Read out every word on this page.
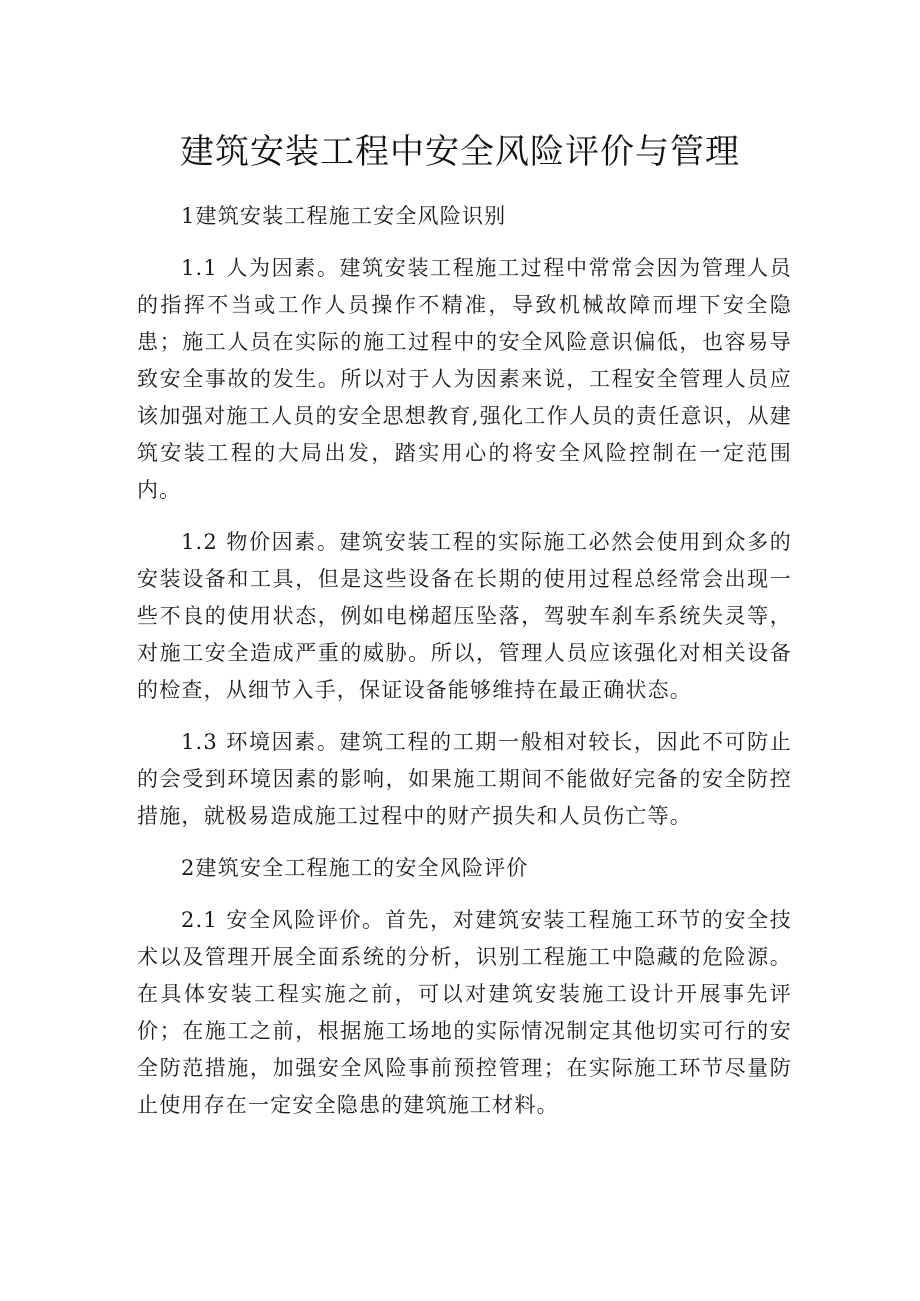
建筑安装工程中安全风险评价与管理

1建筑安装工程施工安全风险识别

1.1 人为因素。建筑安装工程施工过程中常常会因为管理人员的指挥不当或工作人员操作不精准，导致机械故障而埋下安全隐患；施工人员在实际的施工过程中的安全风险意识偏低，也容易导致安全事故的发生。所以对于人为因素来说，工程安全管理人员应该加强对施工人员的安全思想教育,强化工作人员的责任意识，从建筑安装工程的大局出发，踏实用心的将安全风险控制在一定范围内。

1.2 物价因素。建筑安装工程的实际施工必然会使用到众多的安装设备和工具，但是这些设备在长期的使用过程总经常会出现一些不良的使用状态，例如电梯超压坠落，驾驶车刹车系统失灵等，对施工安全造成严重的威胁。所以，管理人员应该强化对相关设备的检查，从细节入手，保证设备能够维持在最正确状态。

1.3 环境因素。建筑工程的工期一般相对较长，因此不可防止的会受到环境因素的影响，如果施工期间不能做好完备的安全防控措施，就极易造成施工过程中的财产损失和人员伤亡等。

2建筑安全工程施工的安全风险评价

2.1 安全风险评价。首先，对建筑安装工程施工环节的安全技术以及管理开展全面系统的分析，识别工程施工中隐藏的危险源。在具体安装工程实施之前，可以对建筑安装施工设计开展事先评价；在施工之前，根据施工场地的实际情况制定其他切实可行的安全防范措施，加强安全风险事前预控管理；在实际施工环节尽量防止使用存在一定安全隐患的建筑施工材料。
